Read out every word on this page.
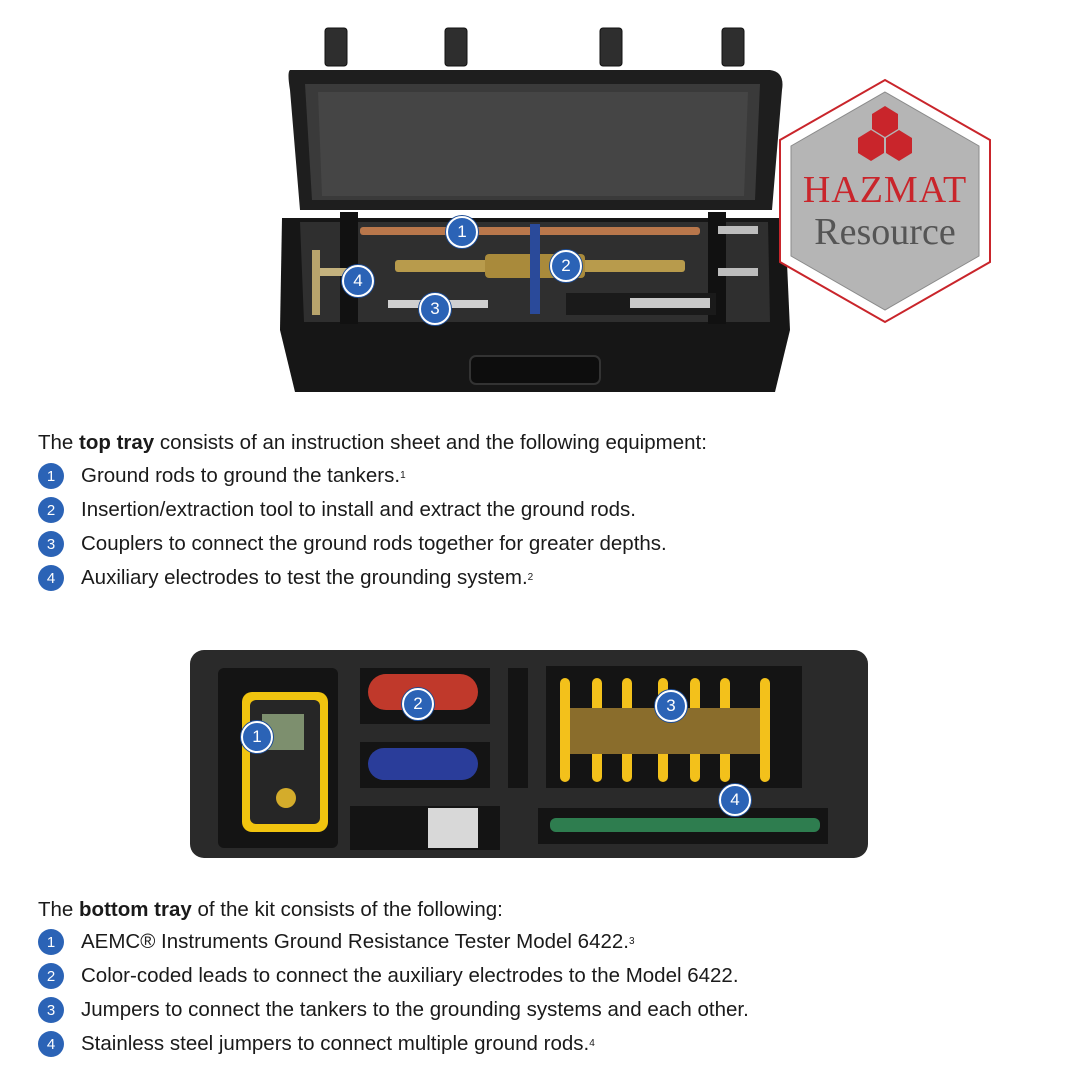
1
2
3
4
HAZMAT
Resource
The top tray consists of an instruction sheet and the following equipment:
1	Ground rods to ground the tankers. 1
2	Insertion/extraction tool to install and extract the ground rods.
3	Couplers to connect the ground rods together for greater depths.
4	Auxiliary electrodes to test the grounding system. 2
1
2	3
4
The bottom tray of the kit consists of the following:
1	AEMC® Instruments Ground Resistance Tester Model 6422. 3
2	Color-coded leads to connect the auxiliary electrodes to the Model 6422.
3	Jumpers to connect the tankers to the grounding systems and each other.
4	Stainless steel jumpers to connect multiple ground rods. 4
